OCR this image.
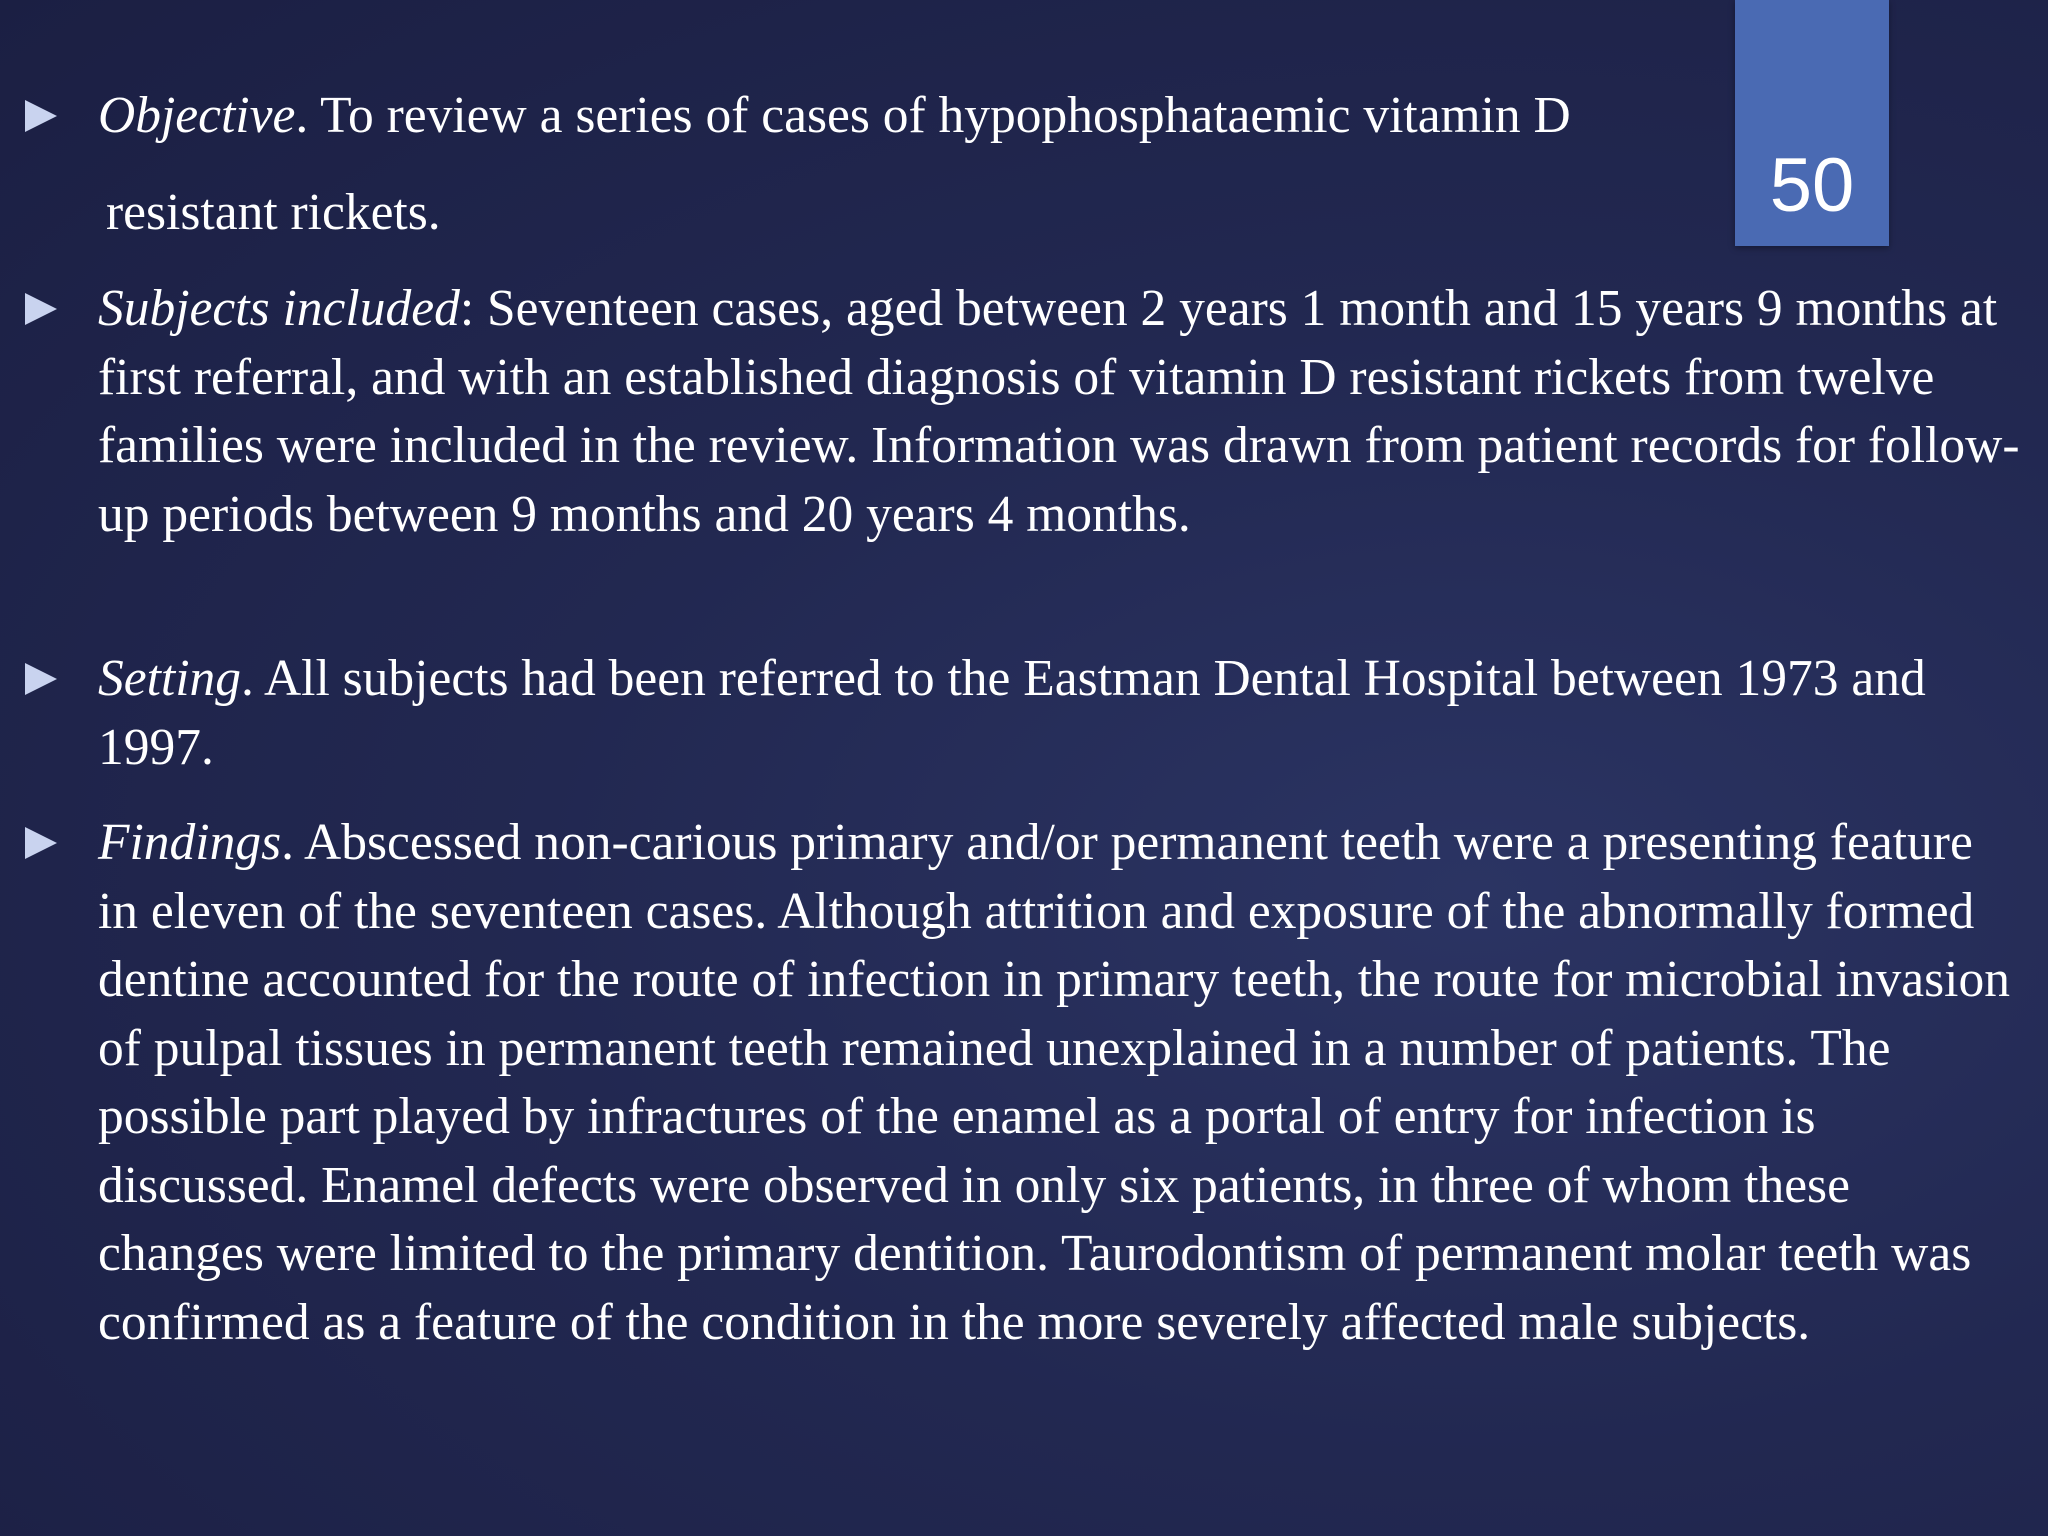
50
Objective. To review a series of cases of hypophosphataemic vitamin D
resistant rickets.
Subjects included: Seventeen cases, aged between 2 years 1 month and 15 years 9 months at first referral, and with an established diagnosis of vitamin D resistant rickets from twelve families were included in the review. Information was drawn from patient records for follow-up periods between 9 months and 20 years 4 months.
Setting. All subjects had been referred to the Eastman Dental Hospital between 1973 and 1997.
Findings. Abscessed non-carious primary and/or permanent teeth were a presenting feature in eleven of the seventeen cases. Although attrition and exposure of the abnormally formed dentine accounted for the route of infection in primary teeth, the route for microbial invasion of pulpal tissues in permanent teeth remained unexplained in a number of patients. The possible part played by infractures of the enamel as a portal of entry for infection is discussed. Enamel defects were observed in only six patients, in three of whom these changes were limited to the primary dentition. Taurodontism of permanent molar teeth was confirmed as a feature of the condition in the more severely affected male subjects.
